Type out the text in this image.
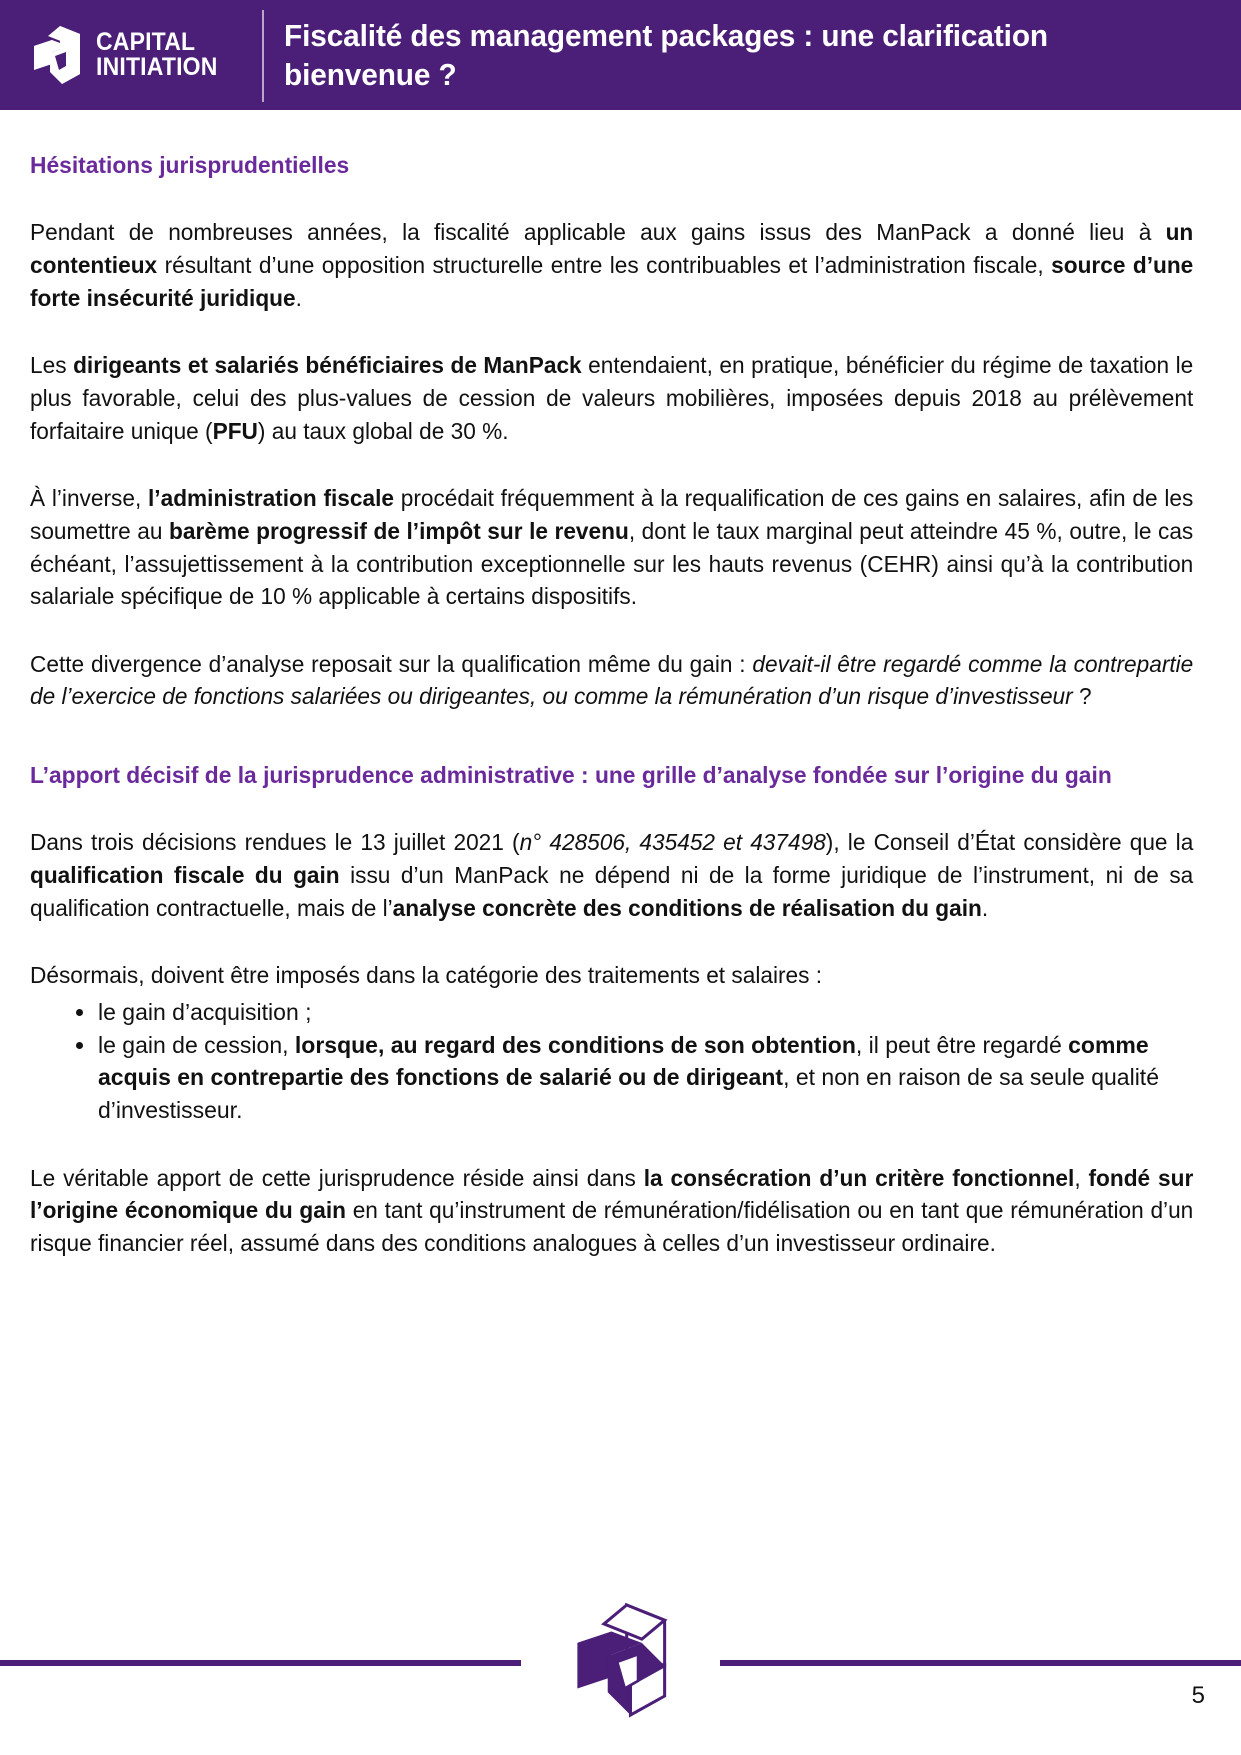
CAPITAL
INITIATION
Fiscalité des management packages : une clarification bienvenue ?
Hésitations jurisprudentielles

Pendant de nombreuses années, la fiscalité applicable aux gains issus des ManPack a donné lieu à un contentieux résultant d’une opposition structurelle entre les contribuables et l’administration fiscale, source d’une forte insécurité juridique.

Les dirigeants et salariés bénéficiaires de ManPack entendaient, en pratique, bénéficier du régime de taxation le plus favorable, celui des plus-values de cession de valeurs mobilières, imposées depuis 2018 au prélèvement forfaitaire unique (PFU) au taux global de 30 %.

À l’inverse, l’administration fiscale procédait fréquemment à la requalification de ces gains en salaires, afin de les soumettre au barème progressif de l’impôt sur le revenu, dont le taux marginal peut atteindre 45 %, outre, le cas échéant, l’assujettissement à la contribution exceptionnelle sur les hauts revenus (CEHR) ainsi qu’à la contribution salariale spécifique de 10 % applicable à certains dispositifs.

Cette divergence d’analyse reposait sur la qualification même du gain : devait-il être regardé comme la contrepartie de l’exercice de fonctions salariées ou dirigeantes, ou comme la rémunération d’un risque d’investisseur ?

L’apport décisif de la jurisprudence administrative : une grille d’analyse fondée sur l’origine du gain

Dans trois décisions rendues le 13 juillet 2021 (n° 428506, 435452 et 437498), le Conseil d’État considère que la qualification fiscale du gain issu d’un ManPack ne dépend ni de la forme juridique de l’instrument, ni de sa qualification contractuelle, mais de l’analyse concrète des conditions de réalisation du gain.

Désormais, doivent être imposés dans la catégorie des traitements et salaires :

le gain d’acquisition ;
le gain de cession, lorsque, au regard des conditions de son obtention, il peut être regardé comme acquis en contrepartie des fonctions de salarié ou de dirigeant, et non en raison de sa seule qualité d’investisseur.

Le véritable apport de cette jurisprudence réside ainsi dans la consécration d’un critère fonctionnel, fondé sur l’origine économique du gain en tant qu’instrument de rémunération/fidélisation ou en tant que rémunération d’un risque financier réel, assumé dans des conditions analogues à celles d’un investisseur ordinaire.

5
